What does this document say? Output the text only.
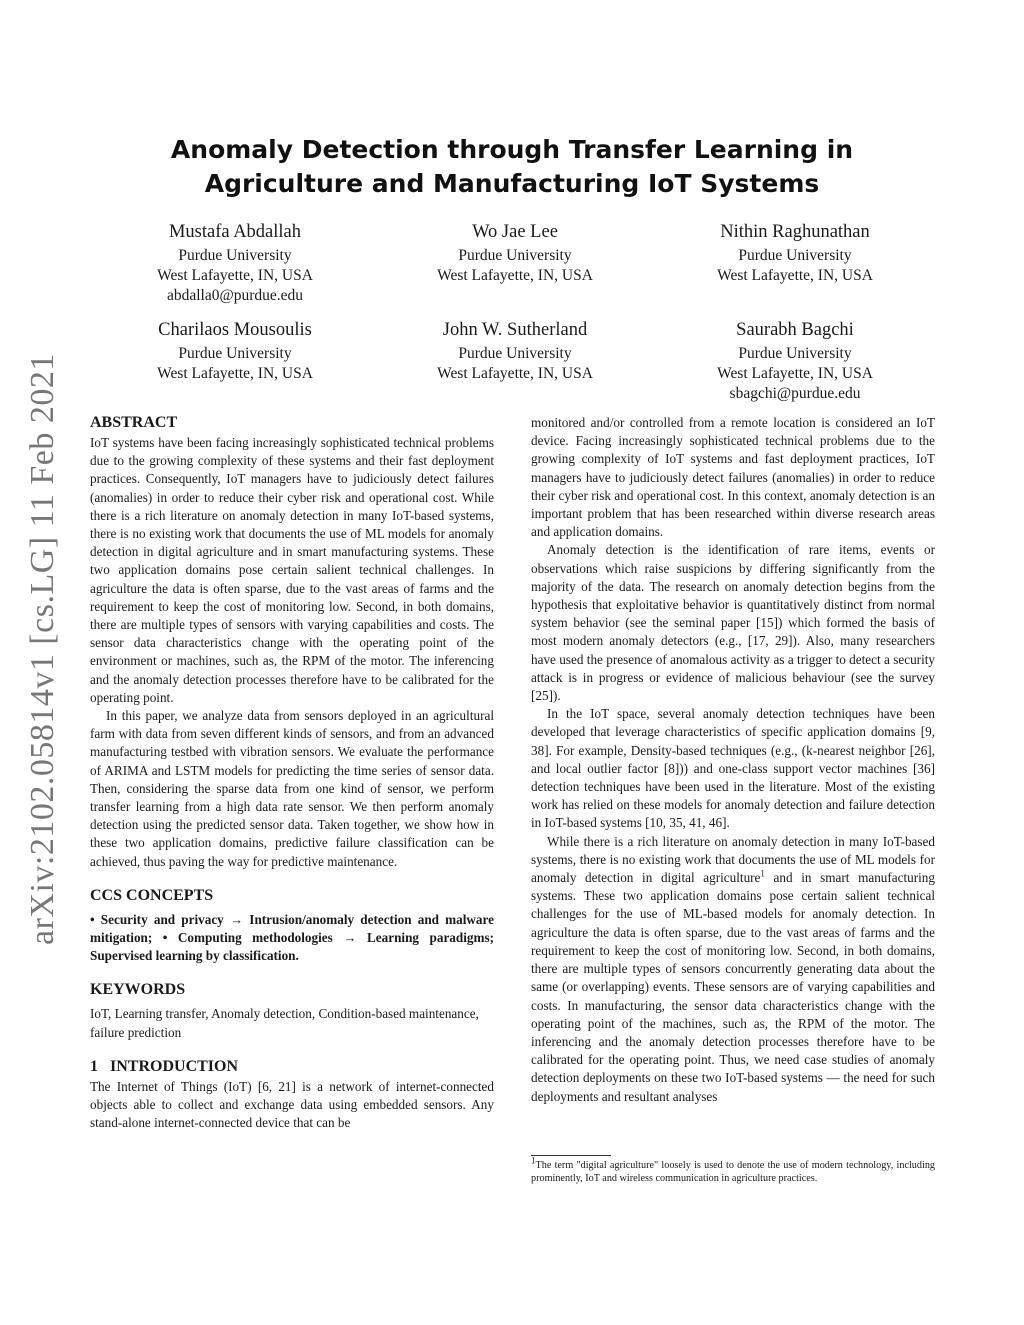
arXiv:2102.05814v1 [cs.LG] 11 Feb 2021
Anomaly Detection through Transfer Learning in Agriculture and Manufacturing IoT Systems
Mustafa Abdallah
Purdue University
West Lafayette, IN, USA
abdalla0@purdue.edu
Wo Jae Lee
Purdue University
West Lafayette, IN, USA
Nithin Raghunathan
Purdue University
West Lafayette, IN, USA
Charilaos Mousoulis
Purdue University
West Lafayette, IN, USA
John W. Sutherland
Purdue University
West Lafayette, IN, USA
Saurabh Bagchi
Purdue University
West Lafayette, IN, USA
sbagchi@purdue.edu
ABSTRACT

IoT systems have been facing increasingly sophisticated technical problems due to the growing complexity of these systems and their fast deployment practices. Consequently, IoT managers have to judiciously detect failures (anomalies) in order to reduce their cyber risk and operational cost. While there is a rich literature on anomaly detection in many IoT-based systems, there is no existing work that documents the use of ML models for anomaly detection in digital agriculture and in smart manufacturing systems. These two application domains pose certain salient technical challenges. In agriculture the data is often sparse, due to the vast areas of farms and the requirement to keep the cost of monitoring low. Second, in both domains, there are multiple types of sensors with varying capabilities and costs. The sensor data characteristics change with the operating point of the environment or machines, such as, the RPM of the motor. The inferencing and the anomaly detection processes therefore have to be calibrated for the operating point.

In this paper, we analyze data from sensors deployed in an agricultural farm with data from seven different kinds of sensors, and from an advanced manufacturing testbed with vibration sensors. We evaluate the performance of ARIMA and LSTM models for predicting the time series of sensor data. Then, considering the sparse data from one kind of sensor, we perform transfer learning from a high data rate sensor. We then perform anomaly detection using the predicted sensor data. Taken together, we show how in these two application domains, predictive failure classification can be achieved, thus paving the way for predictive maintenance.

CCS CONCEPTS

• Security and privacy → Intrusion/anomaly detection and malware mitigation; • Computing methodologies → Learning paradigms; Supervised learning by classification.

KEYWORDS

IoT, Learning transfer, Anomaly detection, Condition-based maintenance, failure prediction

1   INTRODUCTION

The Internet of Things (IoT) [6, 21] is a network of internet-connected objects able to collect and exchange data using embedded sensors. Any stand-alone internet-connected device that can be

monitored and/or controlled from a remote location is considered an IoT device. Facing increasingly sophisticated technical problems due to the growing complexity of IoT systems and fast deployment practices, IoT managers have to judiciously detect failures (anomalies) in order to reduce their cyber risk and operational cost. In this context, anomaly detection is an important problem that has been researched within diverse research areas and application domains.

Anomaly detection is the identification of rare items, events or observations which raise suspicions by differing significantly from the majority of the data. The research on anomaly detection begins from the hypothesis that exploitative behavior is quantitatively distinct from normal system behavior (see the seminal paper [15]) which formed the basis of most modern anomaly detectors (e.g., [17, 29]). Also, many researchers have used the presence of anomalous activity as a trigger to detect a security attack is in progress or evidence of malicious behaviour (see the survey [25]).

In the IoT space, several anomaly detection techniques have been developed that leverage characteristics of specific application domains [9, 38]. For example, Density-based techniques (e.g., (k-nearest neighbor [26], and local outlier factor [8])) and one-class support vector machines [36] detection techniques have been used in the literature. Most of the existing work has relied on these models for anomaly detection and failure detection in IoT-based systems [10, 35, 41, 46].

While there is a rich literature on anomaly detection in many IoT-based systems, there is no existing work that documents the use of ML models for anomaly detection in digital agriculture$^1$ and in smart manufacturing systems. These two application domains pose certain salient technical challenges for the use of ML-based models for anomaly detection. In agriculture the data is often sparse, due to the vast areas of farms and the requirement to keep the cost of monitoring low. Second, in both domains, there are multiple types of sensors concurrently generating data about the same (or overlapping) events. These sensors are of varying capabilities and costs. In manufacturing, the sensor data characteristics change with the operating point of the machines, such as, the RPM of the motor. The inferencing and the anomaly detection processes therefore have to be calibrated for the operating point. Thus, we need case studies of anomaly detection deployments on these two IoT-based systems — the need for such deployments and resultant analyses

1The term "digital agriculture" loosely is used to denote the use of modern technology, including prominently, IoT and wireless communication in agriculture practices.
